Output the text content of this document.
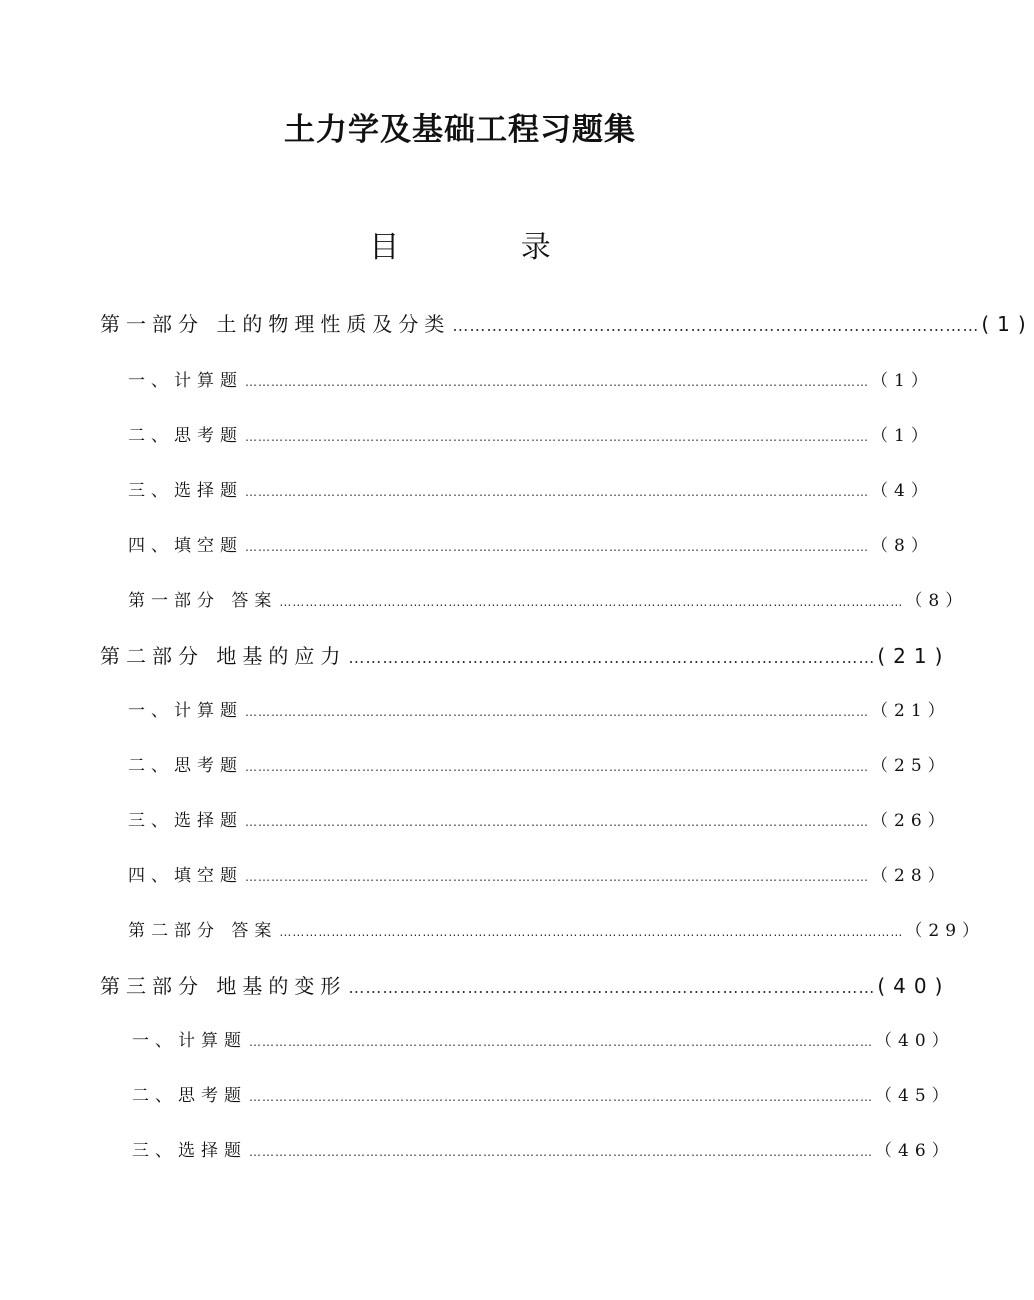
土力学及基础工程习题集
目 录
第一部分 土的物理性质及分类 ………………………………………………………………………………… (1)
一、计算题 ……………………………………………………………………………………………………………………………… （1）
二、思考题 ……………………………………………………………………………………………………………………………… （1）
三、选择题 ……………………………………………………………………………………………………………………………… （4）
四、填空题 ……………………………………………………………………………………………………………………………… （8）
第一部分 答案 ……………………………………………………………………………………………………………………………… （8）
第二部分 地基的应力 ………………………………………………………………………………… (21)
一、计算题 ……………………………………………………………………………………………………………………………… （21）
二、思考题 ……………………………………………………………………………………………………………………………… （25）
三、选择题 ……………………………………………………………………………………………………………………………… （26）
四、填空题 ……………………………………………………………………………………………………………………………… （28）
第二部分 答案 ……………………………………………………………………………………………………………………………… （29）
第三部分 地基的变形 ………………………………………………………………………………… (40)
一、计算题 ……………………………………………………………………………………………………………………………… （40）
二、思考题 ……………………………………………………………………………………………………………………………… （45）
三、选择题 ……………………………………………………………………………………………………………………………… （46）
